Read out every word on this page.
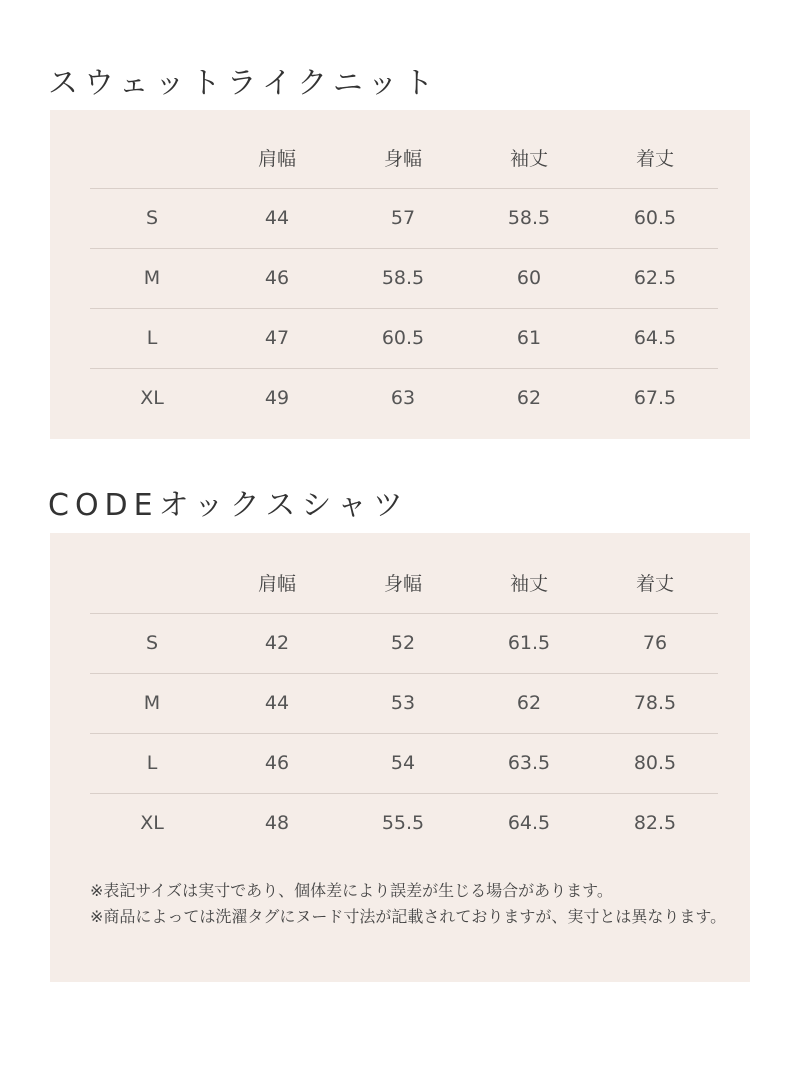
スウェットライクニット
	肩幅	身幅	袖丈	着丈
S	44	57	58.5	60.5
M	46	58.5	60	62.5
L	47	60.5	61	64.5
XL	49	63	62	67.5
CODEオックスシャツ
	肩幅	身幅	袖丈	着丈
S	42	52	61.5	76
M	44	53	62	78.5
L	46	54	63.5	80.5
XL	48	55.5	64.5	82.5

※表記サイズは実寸であり、個体差により誤差が生じる場合があります。

※商品によっては洗濯タグにヌード寸法が記載されておりますが、実寸とは異なります。
